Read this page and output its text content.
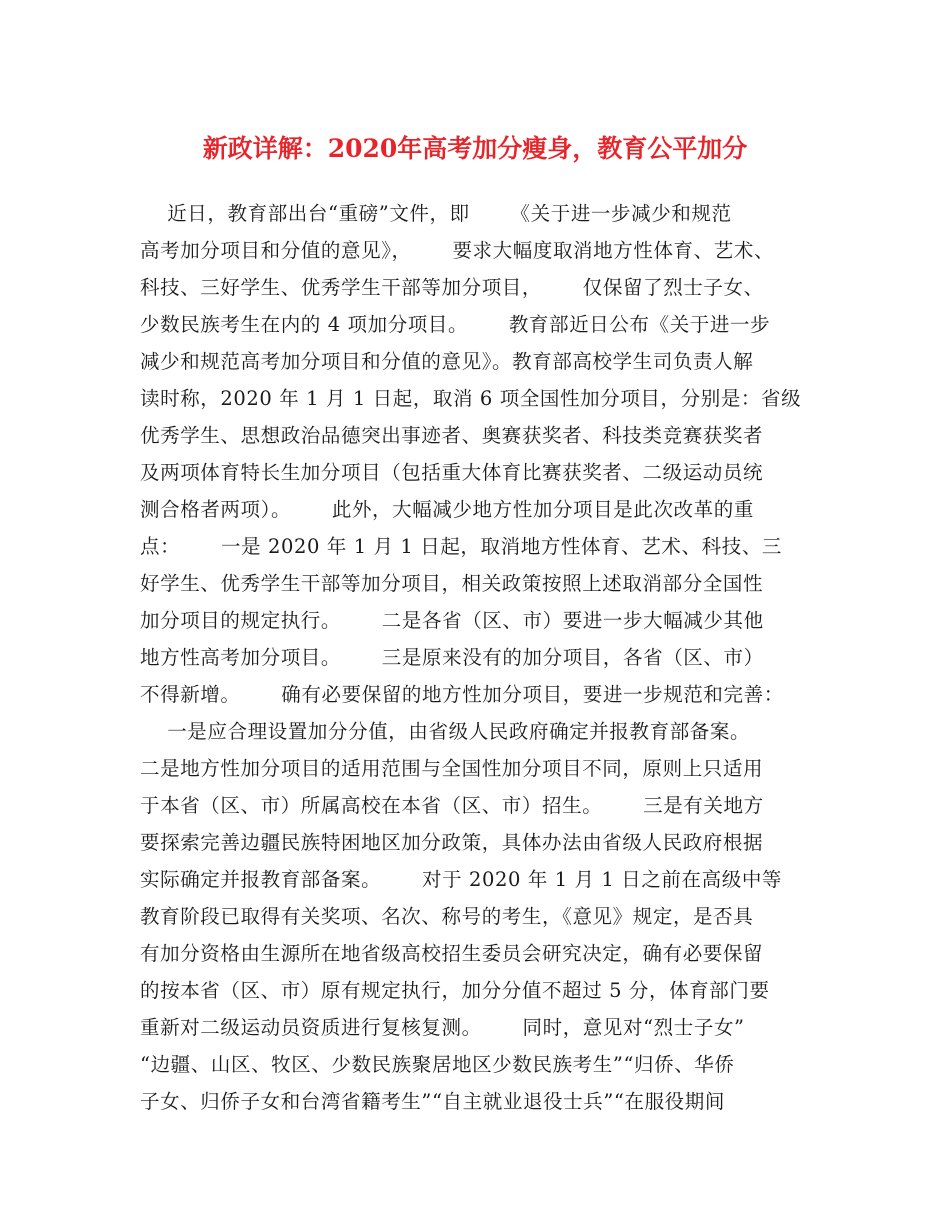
新政详解：2020年高考加分瘦身，教育公平加分
近日，教育部出台“重磅”文件，即      《关于进一步减少和规范
高考加分项目和分值的意见》，      要求大幅度取消地方性体育、艺术、
科技、三好学生、优秀学生干部等加分项目，      仅保留了烈士子女、
少数民族考生在内的 4 项加分项目。      教育部近日公布《关于进一步
减少和规范高考加分项目和分值的意见》。教育部高校学生司负责人解
读时称，2020 年 1 月 1 日起，取消 6 项全国性加分项目，分别是：省级
优秀学生、思想政治品德突出事迹者、奥赛获奖者、科技类竞赛获奖者
及两项体育特长生加分项目（包括重大体育比赛获奖者、二级运动员统
测合格者两项）。      此外，大幅减少地方性加分项目是此次改革的重
点：      一是 2020 年 1 月 1 日起，取消地方性体育、艺术、科技、三
好学生、优秀学生干部等加分项目，相关政策按照上述取消部分全国性
加分项目的规定执行。      二是各省（区、市）要进一步大幅减少其他
地方性高考加分项目。      三是原来没有的加分项目，各省（区、市）
不得新增。      确有必要保留的地方性加分项目，要进一步规范和完善：
一是应合理设置加分分值，由省级人民政府确定并报教育部备案。
二是地方性加分项目的适用范围与全国性加分项目不同，原则上只适用
于本省（区、市）所属高校在本省（区、市）招生。      三是有关地方
要探索完善边疆民族特困地区加分政策，具体办法由省级人民政府根据
实际确定并报教育部备案。      对于 2020 年 1 月 1 日之前在高级中等
教育阶段已取得有关奖项、名次、称号的考生，《意见》规定，是否具
有加分资格由生源所在地省级高校招生委员会研究决定，确有必要保留
的按本省（区、市）原有规定执行，加分分值不超过 5 分，体育部门要
重新对二级运动员资质进行复核复测。      同时，意见对“烈士子女”
“边疆、山区、牧区、少数民族聚居地区少数民族考生”“归侨、华侨
子女、归侨子女和台湾省籍考生”“自主就业退役士兵”“在服役期间
